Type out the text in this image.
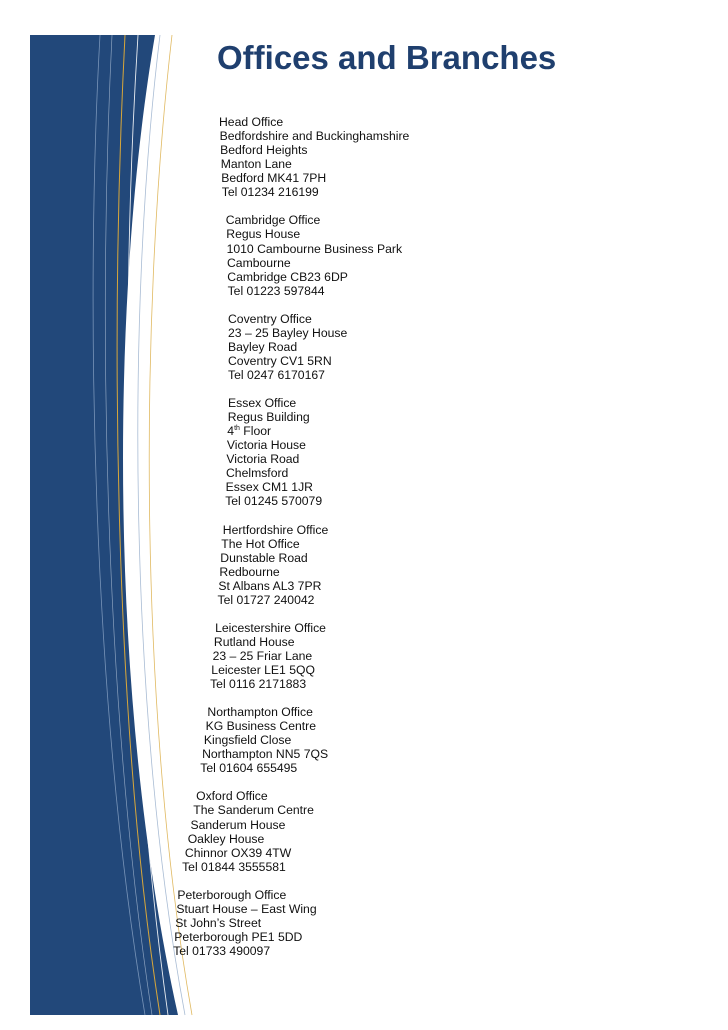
Offices and Branches
Head Office
Bedfordshire and Buckinghamshire
Bedford Heights
Manton Lane
Bedford MK41 7PH
Tel 01234 216199
Cambridge Office
Regus House
1010 Cambourne Business Park
Cambourne
Cambridge CB23 6DP
Tel 01223 597844
Coventry Office
23 – 25 Bayley House
Bayley Road
Coventry CV1 5RN
Tel 0247 6170167
Essex Office
Regus Building
4th Floor
Victoria House
Victoria Road
Chelmsford
Essex CM1 1JR
Tel 01245 570079
Hertfordshire Office
The Hot Office
Dunstable Road
Redbourne
St Albans AL3 7PR
Tel 01727 240042
Leicestershire Office
Rutland House
23 – 25 Friar Lane
Leicester LE1 5QQ
Tel 0116 2171883
Northampton Office
KG Business Centre
Kingsfield Close
Northampton NN5 7QS
Tel 01604 655495
Oxford Office
The Sanderum Centre
Sanderum House
Oakley House
Chinnor OX39 4TW
Tel 01844 3555581
Peterborough Office
Stuart House – East Wing
St John’s Street
Peterborough PE1 5DD
Tel 01733 490097
